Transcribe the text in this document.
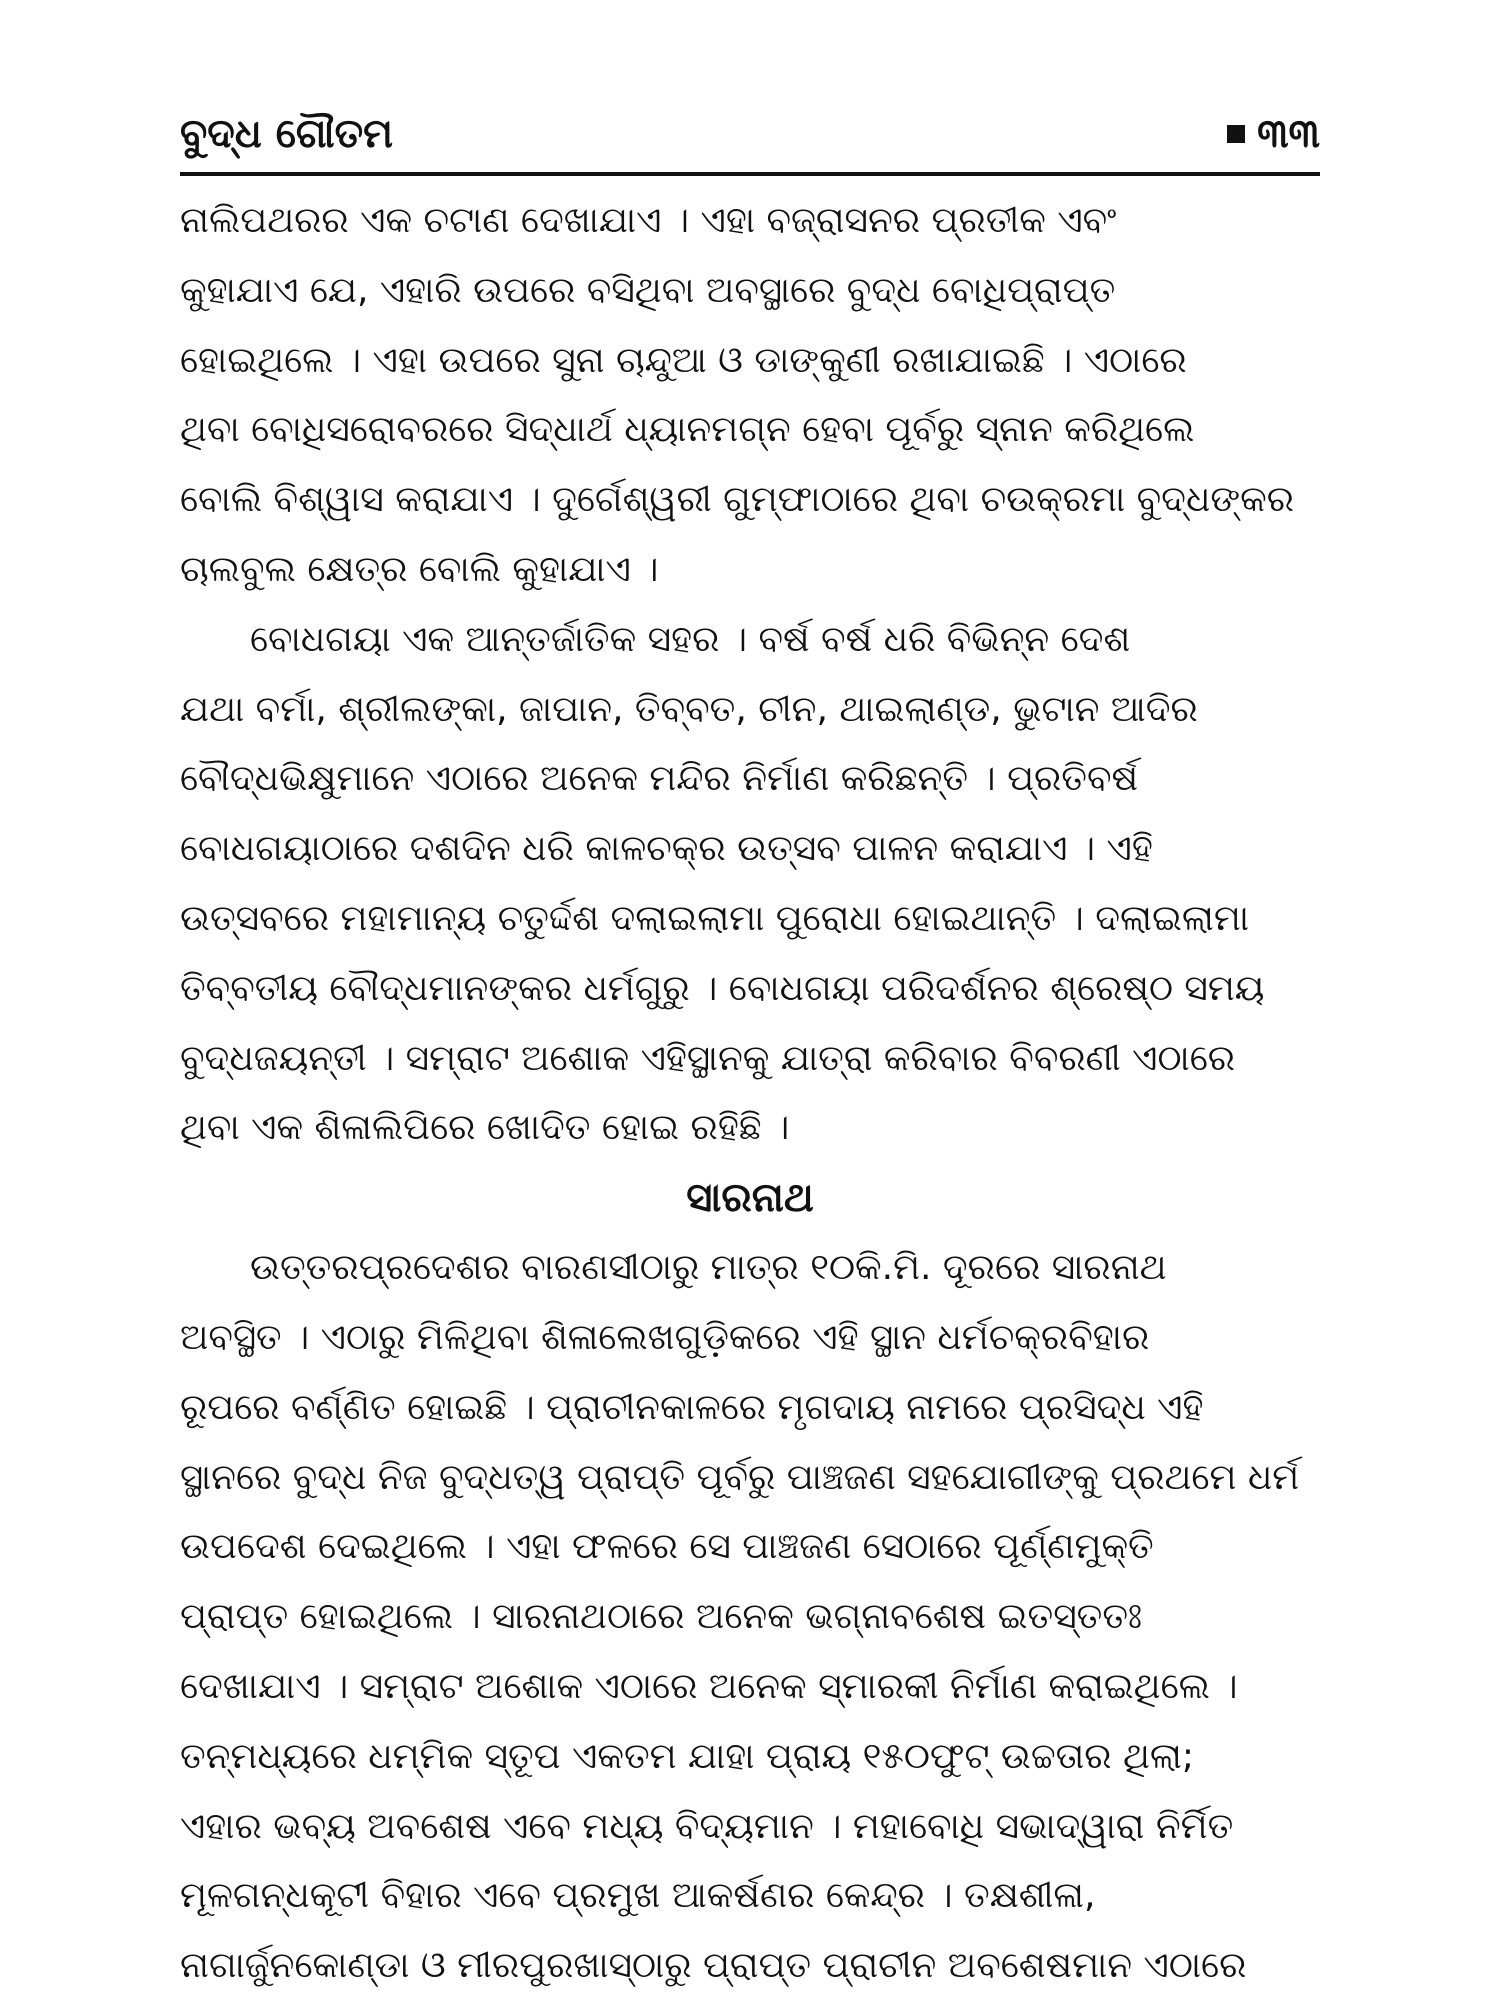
ବୁଦ୍ଧ ଗୌତମ	୩୩
ନାଲିପଥରର ଏକ ଚଟାଣ ଦେଖାଯାଏ । ଏହା ବଜ୍ରାସନର ପ୍ରତୀକ ଏବଂ
କୁହାଯାଏ ଯେ, ଏହାରି ଉପରେ ବସିଥିବା ଅବସ୍ଥାରେ ବୁଦ୍ଧ ବୋଧିପ୍ରାପ୍ତ
ହୋଇଥିଲେ । ଏହା ଉପରେ ସୁନା ଚାନ୍ଦୁଆ ଓ ଡାଙ୍କୁଣୀ ରଖାଯାଇଛି । ଏଠାରେ
ଥିବା ବୋଧିସରୋବରରେ ସିଦ୍ଧାର୍ଥ ଧ୍ୟାନମଗ୍ନ ହେବା ପୂର୍ବରୁ ସ୍ନାନ କରିଥିଲେ
ବୋଲି ବିଶ୍ୱାସ କରାଯାଏ । ଦୁର୍ଗେଶ୍ୱରୀ ଗୁମ୍ଫାଠାରେ ଥିବା ଚଉକ୍ରମା ବୁଦ୍ଧଙ୍କର
ଚାଲବୁଲ କ୍ଷେତ୍ର ବୋଲି କୁହାଯାଏ ।
ବୋଧଗୟା ଏକ ଆନ୍ତର୍ଜାତିକ ସହର । ବର୍ଷ ବର୍ଷ ଧରି ବିଭିନ୍ନ ଦେଶ
ଯଥା ବର୍ମା, ଶ୍ରୀଲଙ୍କା, ଜାପାନ, ତିବ୍ବତ, ଚୀନ, ଥାଇଲାଣ୍ଡ, ଭୁଟାନ ଆଦିର
ବୌଦ୍ଧଭିକ୍ଷୁମାନେ ଏଠାରେ ଅନେକ ମନ୍ଦିର ନିର୍ମାଣ କରିଛନ୍ତି । ପ୍ରତିବର୍ଷ
ବୋଧଗୟାଠାରେ ଦଶଦିନ ଧରି କାଳଚକ୍ର ଉତ୍ସବ ପାଳନ କରାଯାଏ । ଏହି
ଉତ୍ସବରେ ମହାମାନ୍ୟ ଚତୁର୍ଦ୍ଦଶ ଦଲାଇଲାମା ପୁରୋଧା ହୋଇଥାନ୍ତି । ଦଲାଇଲାମା
ତିବ୍ବତୀୟ ବୌଦ୍ଧମାନଙ୍କର ଧର୍ମଗୁରୁ । ବୋଧଗୟା ପରିଦର୍ଶନର ଶ୍ରେଷ୍ଠ ସମୟ
ବୁଦ୍ଧଜୟନ୍ତୀ । ସମ୍ରାଟ ଅଶୋକ ଏହିସ୍ଥାନକୁ ଯାତ୍ରା କରିବାର ବିବରଣୀ ଏଠାରେ
ଥିବା ଏକ ଶିଳାଲିପିରେ ଖୋଦିତ ହୋଇ ରହିଛି ।
ସାରନାଥ
ଉତ୍ତରପ୍ରଦେଶର ବାରଣସୀଠାରୁ ମାତ୍ର ୧୦କି.ମି. ଦୂରରେ ସାରନାଥ
ଅବସ୍ଥିତ । ଏଠାରୁ ମିଳିଥିବା ଶିଳାଲେଖଗୁଡ଼ିକରେ ଏହି ସ୍ଥାନ ଧର୍ମଚକ୍ରବିହାର
ରୂପରେ ବର୍ଣ୍ଣିତ ହୋଇଛି । ପ୍ରାଚୀନକାଳରେ ମୃଗଦାୟ ନାମରେ ପ୍ରସିଦ୍ଧ ଏହି
ସ୍ଥାନରେ ବୁଦ୍ଧ ନିଜ ବୁଦ୍ଧତ୍ୱ ପ୍ରାପ୍ତି ପୂର୍ବରୁ ପାଞ୍ଚଜଣ ସହଯୋଗୀଙ୍କୁ ପ୍ରଥମେ ଧର୍ମ
ଉପଦେଶ ଦେଇଥିଲେ । ଏହା ଫଳରେ ସେ ପାଞ୍ଚଜଣ ସେଠାରେ ପୂର୍ଣ୍ଣମୁକ୍ତି
ପ୍ରାପ୍ତ ହୋଇଥିଲେ । ସାରନାଥଠାରେ ଅନେକ ଭଗ୍ନାବଶେଷ ଇତସ୍ତତଃ
ଦେଖାଯାଏ । ସମ୍ରାଟ ଅଶୋକ ଏଠାରେ ଅନେକ ସ୍ମାରକୀ ନିର୍ମାଣ କରାଇଥିଲେ ।
ତନ୍ମଧ୍ୟରେ ଧମ୍ମିକ ସ୍ତୂପ ଏକତମ ଯାହା ପ୍ରାୟ ୧୫୦ଫୁଟ୍ ଉଚ୍ଚତାର ଥିଲା;
ଏହାର ଭବ୍ୟ ଅବଶେଷ ଏବେ ମଧ୍ୟ ବିଦ୍ୟମାନ । ମହାବୋଧି ସଭାଦ୍ୱାରା ନିର୍ମିତ
ମୂଳଗନ୍ଧକୂଟୀ ବିହାର ଏବେ ପ୍ରମୁଖ ଆକର୍ଷଣର କେନ୍ଦ୍ର । ତକ୍ଷଶୀଳା,
ନାଗାର୍ଜୁନକୋଣ୍ଡା ଓ ମୀରପୁରଖାସ୍‌ଠାରୁ ପ୍ରାପ୍ତ ପ୍ରାଚୀନ ଅବଶେଷମାନ ଏଠାରେ
